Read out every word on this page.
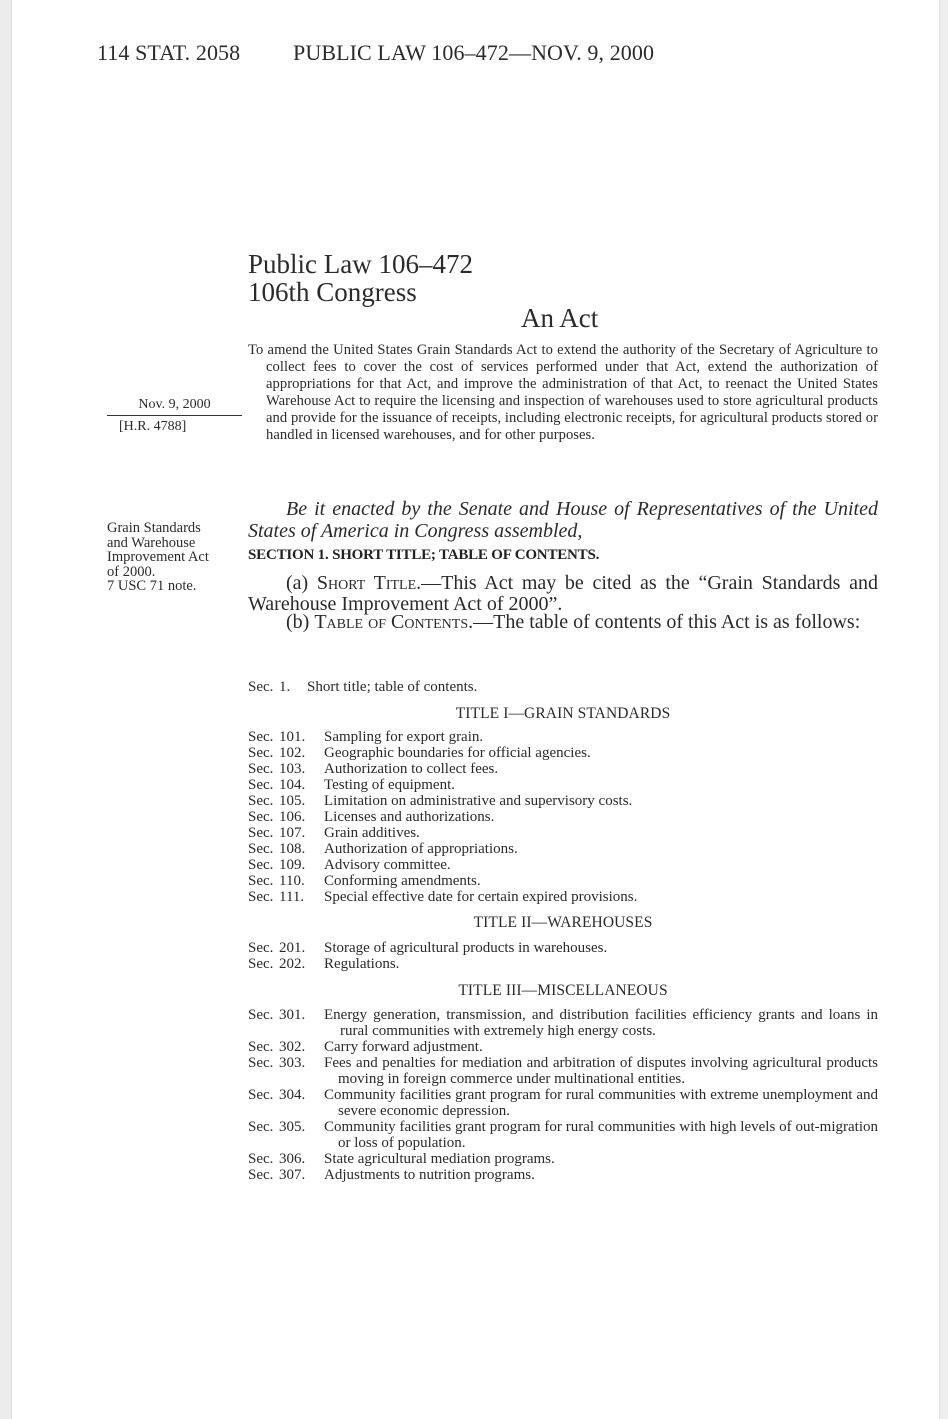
114 STAT. 2058 PUBLIC LAW 106–472—NOV. 9, 2000
Public Law 106–472
106th Congress
An Act
Nov. 9, 2000
[H.R. 4788]
Grain Standards
and Warehouse
Improvement Act
of 2000.
7 USC 71 note.
To amend the United States Grain Standards Act to extend the authority of the Secretary of Agriculture to collect fees to cover the cost of services performed under that Act, extend the authorization of appropriations for that Act, and improve the administration of that Act, to reenact the United States Warehouse Act to require the licensing and inspection of warehouses used to store agricultural products and provide for the issuance of receipts, including electronic receipts, for agricultural products stored or handled in licensed warehouses, and for other purposes.
Be it enacted by the Senate and House of Representatives of the United States of America in Congress assembled,
SECTION 1. SHORT TITLE; TABLE OF CONTENTS.
(a) Short Title.—This Act may be cited as the “Grain Standards and Warehouse Improvement Act of 2000”.
(b) Table of Contents.—The table of contents of this Act is as follows:
Sec. 1.	Short title; table of contents.
TITLE I—GRAIN STANDARDS
Sec. 101.	Sampling for export grain.
Sec. 102.	Geographic boundaries for official agencies.
Sec. 103.	Authorization to collect fees.
Sec. 104.	Testing of equipment.
Sec. 105.	Limitation on administrative and supervisory costs.
Sec. 106.	Licenses and authorizations.
Sec. 107.	Grain additives.
Sec. 108.	Authorization of appropriations.
Sec. 109.	Advisory committee.
Sec. 110.	Conforming amendments.
Sec. 111.	Special effective date for certain expired provisions.
TITLE II—WAREHOUSES
Sec. 201.	Storage of agricultural products in warehouses.
Sec. 202.	Regulations.
TITLE III—MISCELLANEOUS
Sec. 301.	Energy generation, transmission, and distribution facilities efficiency grants and loans in rural communities with extremely high energy costs.
Sec. 302.	Carry forward adjustment.
Sec. 303.	Fees and penalties for mediation and arbitration of disputes involving agricultural products moving in foreign commerce under multinational entities.
Sec. 304.	Community facilities grant program for rural communities with extreme unemployment and severe economic depression.
Sec. 305.	Community facilities grant program for rural communities with high levels of out-migration or loss of population.
Sec. 306.	State agricultural mediation programs.
Sec. 307.	Adjustments to nutrition programs.
